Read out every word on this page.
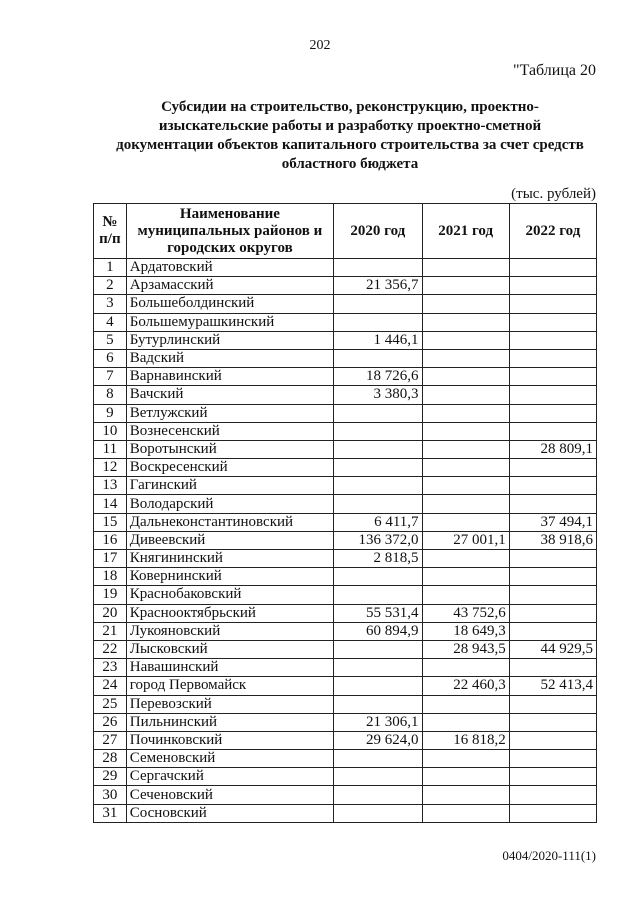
202
"Таблица 20
Субсидии на строительство, реконструкцию, проектно-
изыскательские работы и разработку проектно-сметной
документации объектов капитального строительства за счет средств
областного бюджета
(тыс. рублей)
№ п/п	Наименование муниципальных районов и городских округов	2020 год	2021 год	2022 год
1	Ардатовский			
2	Арзамасский	21 356,7		
3	Большеболдинский			
4	Большемурашкинский			
5	Бутурлинский	1 446,1		
6	Вадский			
7	Варнавинский	18 726,6		
8	Вачский	3 380,3		
9	Ветлужский			
10	Вознесенский			
11	Воротынский			28 809,1
12	Воскресенский			
13	Гагинский			
14	Володарский			
15	Дальнеконстантиновский	6 411,7		37 494,1
16	Дивеевский	136 372,0	27 001,1	38 918,6
17	Княгининский	2 818,5		
18	Ковернинский			
19	Краснобаковский			
20	Краснооктябрьский	55 531,4	43 752,6	
21	Лукояновский	60 894,9	18 649,3	
22	Лысковский		28 943,5	44 929,5
23	Навашинский			
24	город Первомайск		22 460,3	52 413,4
25	Перевозский			
26	Пильнинский	21 306,1		
27	Починковский	29 624,0	16 818,2	
28	Семеновский			
29	Сергачский			
30	Сеченовский			
31	Сосновский			
0404/2020-111(1)
